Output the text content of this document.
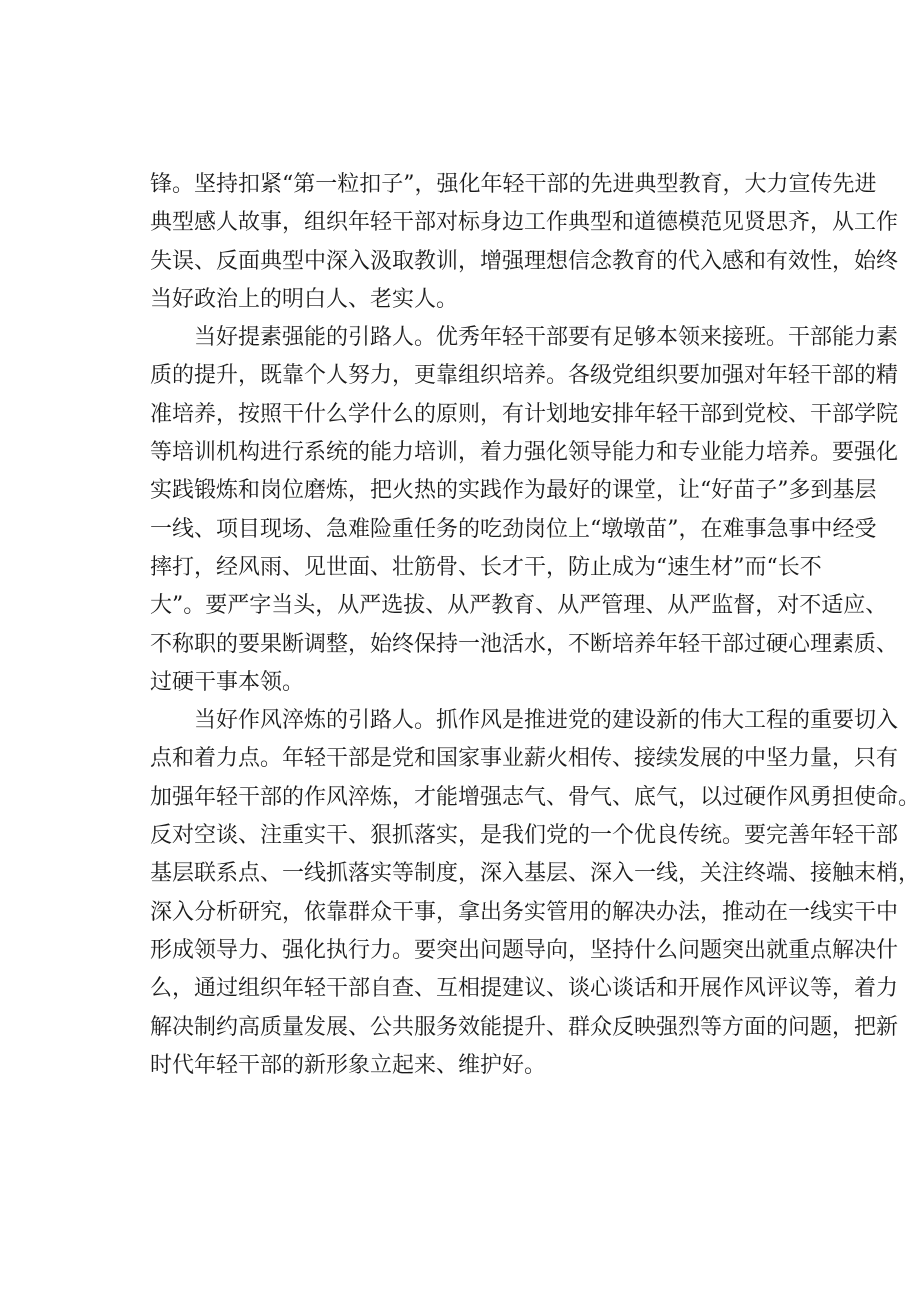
锋。坚持扣紧“第一粒扣子”，强化年轻干部的先进典型教育，大力宣传先进
典型感人故事，组织年轻干部对标身边工作典型和道德模范见贤思齐，从工作
失误、反面典型中深入汲取教训，增强理想信念教育的代入感和有效性，始终
当好政治上的明白人、老实人。

当好提素强能的引路人。优秀年轻干部要有足够本领来接班。干部能力素
质的提升，既靠个人努力，更靠组织培养。各级党组织要加强对年轻干部的精
准培养，按照干什么学什么的原则，有计划地安排年轻干部到党校、干部学院
等培训机构进行系统的能力培训，着力强化领导能力和专业能力培养。要强化
实践锻炼和岗位磨炼，把火热的实践作为最好的课堂，让“好苗子”多到基层
一线、项目现场、急难险重任务的吃劲岗位上“墩墩苗”，在难事急事中经受
摔打，经风雨、见世面、壮筋骨、长才干，防止成为“速生材”而“长不
大”。要严字当头，从严选拔、从严教育、从严管理、从严监督，对不适应、
不称职的要果断调整，始终保持一池活水，不断培养年轻干部过硬心理素质、
过硬干事本领。

当好作风淬炼的引路人。抓作风是推进党的建设新的伟大工程的重要切入
点和着力点。年轻干部是党和国家事业薪火相传、接续发展的中坚力量，只有
加强年轻干部的作风淬炼，才能增强志气、骨气、底气，以过硬作风勇担使命。
反对空谈、注重实干、狠抓落实，是我们党的一个优良传统。要完善年轻干部
基层联系点、一线抓落实等制度，深入基层、深入一线，关注终端、接触末梢，
深入分析研究，依靠群众干事，拿出务实管用的解决办法，推动在一线实干中
形成领导力、强化执行力。要突出问题导向，坚持什么问题突出就重点解决什
么，通过组织年轻干部自查、互相提建议、谈心谈话和开展作风评议等，着力
解决制约高质量发展、公共服务效能提升、群众反映强烈等方面的问题，把新
时代年轻干部的新形象立起来、维护好。
